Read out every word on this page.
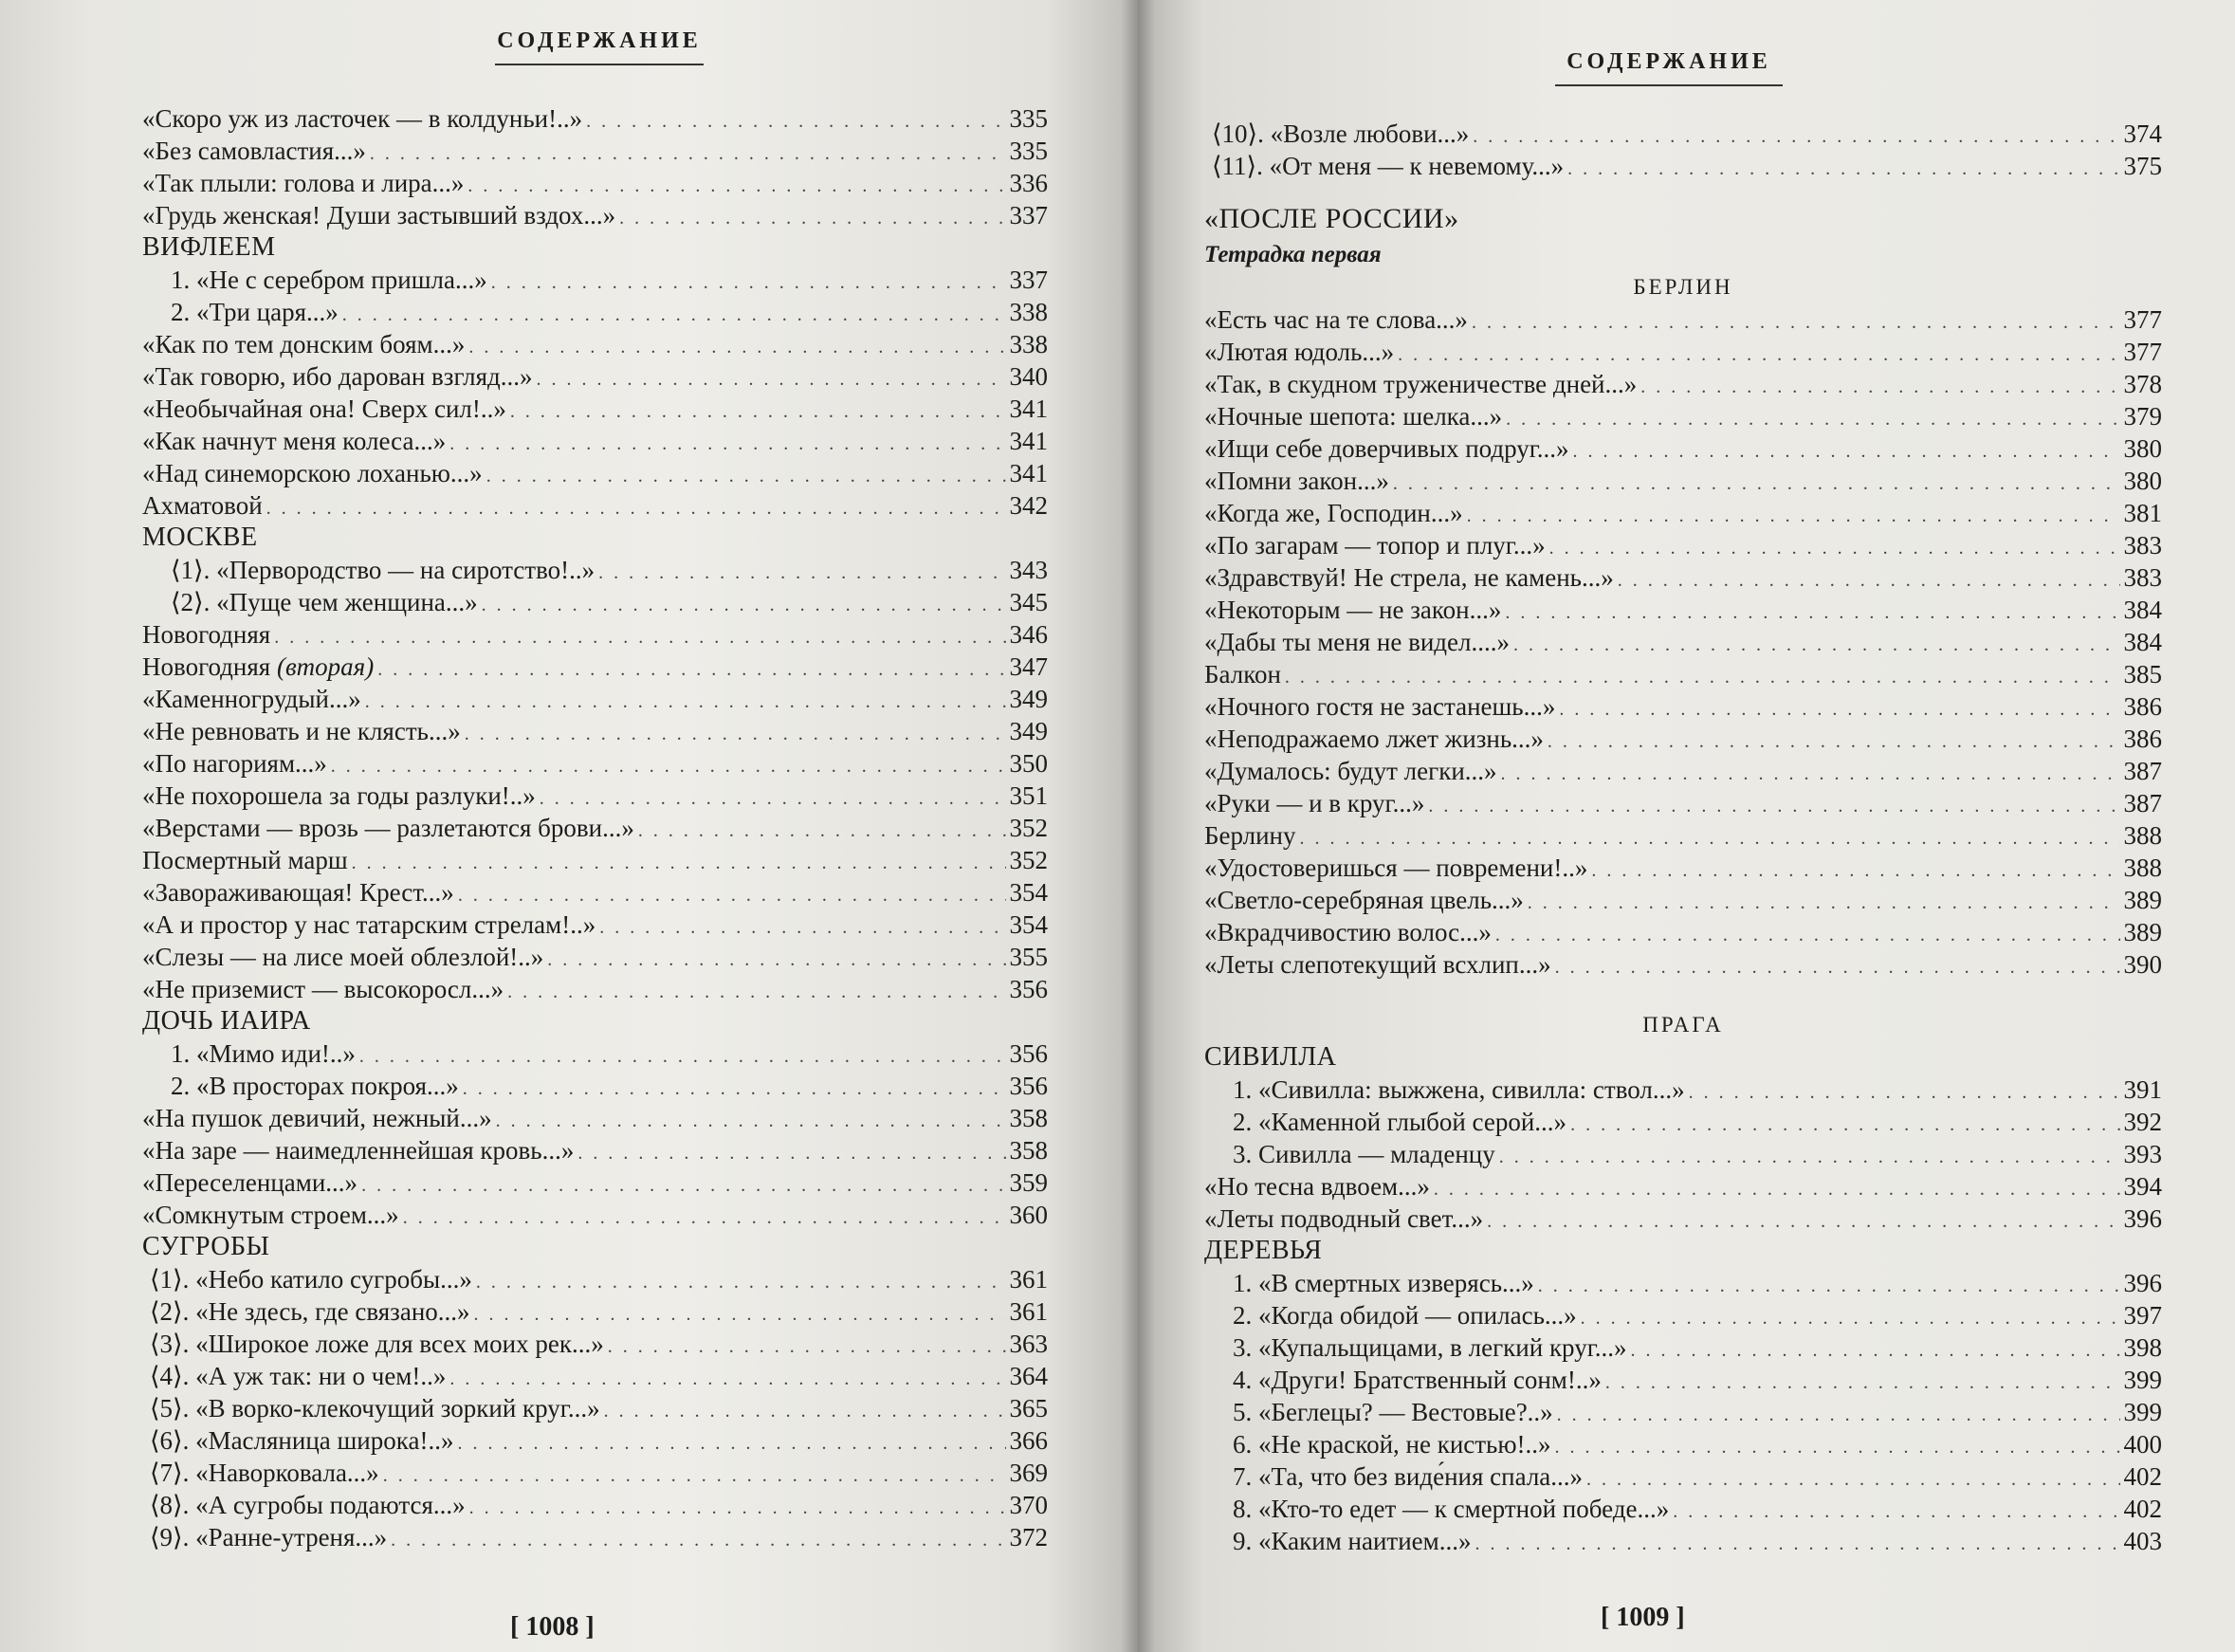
СОДЕРЖАНИЕ
«Скоро уж из ласточек — в колдуньи!..» . . .	335
«Без самовластия...» . . .	335
«Так плыли: голова и лира...» . . .	336
«Грудь женская! Души застывший вздох...» . . .	337
ВИФЛЕЕМ
1. «Не с серебром пришла...» . . .	337
2. «Три царя...» . . .	338
«Как по тем донским боям...» . . .	338
«Так говорю, ибо дарован взгляд...» . . .	340
«Необычайная она! Сверх сил!..» . . .	341
«Как начнут меня колеса...» . . .	341
«Над синеморскою лоханью...» . . .	341
Ахматовой . . .	342
МОСКВЕ
⟨1⟩. «Первородство — на сиротство!..» . . .	343
⟨2⟩. «Пуще чем женщина...» . . .	345
Новогодняя . . .	346
Новогодняя (вторая) . . .	347
«Каменногрудый...» . . .	349
«Не ревновать и не клясть...» . . .	349
«По нагориям...» . . .	350
«Не похорошела за годы разлуки!..» . . .	351
«Верстами — врозь — разлетаются брови...» . . .	352
Посмертный марш . . .	352
«Завораживающая! Крест...» . . .	354
«А и простор у нас татарским стрелам!..» . . .	354
«Слезы — на лисе моей облезлой!..» . . .	355
«Не приземист — высокоросл...» . . .	356
ДОЧЬ ИАИРА
1. «Мимо иди!..» . . .	356
2. «В просторах покроя...» . . .	356
«На пушок девичий, нежный...» . . .	358
«На заре — наимедленнейшая кровь...» . . .	358
«Переселенцами...» . . .	359
«Сомкнутым строем...» . . .	360
СУГРОБЫ
⟨1⟩. «Небо катило сугробы...» . . .	361
⟨2⟩. «Не здесь, где связано...» . . .	361
⟨3⟩. «Широкое ложе для всех моих рек...» . . .	363
⟨4⟩. «А уж так: ни о чем!..» . . .	364
⟨5⟩. «В ворко-клекочущий зоркий круг...» . . .	365
⟨6⟩. «Масляница широка!..» . . .	366
⟨7⟩. «Наворковала...» . . .	369
⟨8⟩. «А сугробы подаются...» . . .	370
⟨9⟩. «Ранне-утреня...» . . .	372
[ 1008 ]
СОДЕРЖАНИЕ
⟨10⟩. «Возле любови...» . . .	374
⟨11⟩. «От меня — к невемому...» . . .	375
«ПОСЛЕ РОССИИ»
Тетрадка первая
БЕРЛИН
«Есть час на те слова...» . . .	377
«Лютая юдоль...» . . .	377
«Так, в скудном труженичестве дней...» . . .	378
«Ночные шепота: шелка...» . . .	379
«Ищи себе доверчивых подруг...» . . .	380
«Помни закон...» . . .	380
«Когда же, Господин...» . . .	381
«По загарам — топор и плуг...» . . .	383
«Здравствуй! Не стрела, не камень...» . . .	383
«Некоторым — не закон...» . . .	384
«Дабы ты меня не видел....» . . .	384
Балкон . . .	385
«Ночного гостя не застанешь...» . . .	386
«Неподражаемо лжет жизнь...» . . .	386
«Думалось: будут легки...» . . .	387
«Руки — и в круг...» . . .	387
Берлину . . .	388
«Удостоверишься — повремени!..» . . .	388
«Светло-серебряная цвель...» . . .	389
«Вкрадчивостию волос...» . . .	389
«Леты слепотекущий всхлип...» . . .	390
ПРАГА
СИВИЛЛА
1. «Сивилла: выжжена, сивилла: ствол...» . . .	391
2. «Каменной глыбой серой...» . . .	392
3. Сивилла — младенцу . . .	393
«Но тесна вдвоем...» . . .	394
«Леты подводный свет...» . . .	396
ДЕРЕВЬЯ
1. «В смертных изверясь...» . . .	396
2. «Когда обидой — опилась...» . . .	397
3. «Купальщицами, в легкий круг...» . . .	398
4. «Други! Братственный сонм!..» . . .	399
5. «Беглецы? — Вестовые?..» . . .	399
6. «Не краской, не кистью!..» . . .	400
7. «Та, что без виде́ния спала...» . . .	402
8. «Кто-то едет — к смертной победе...» . . .	402
9. «Каким наитием...» . . .	403
[ 1009 ]
